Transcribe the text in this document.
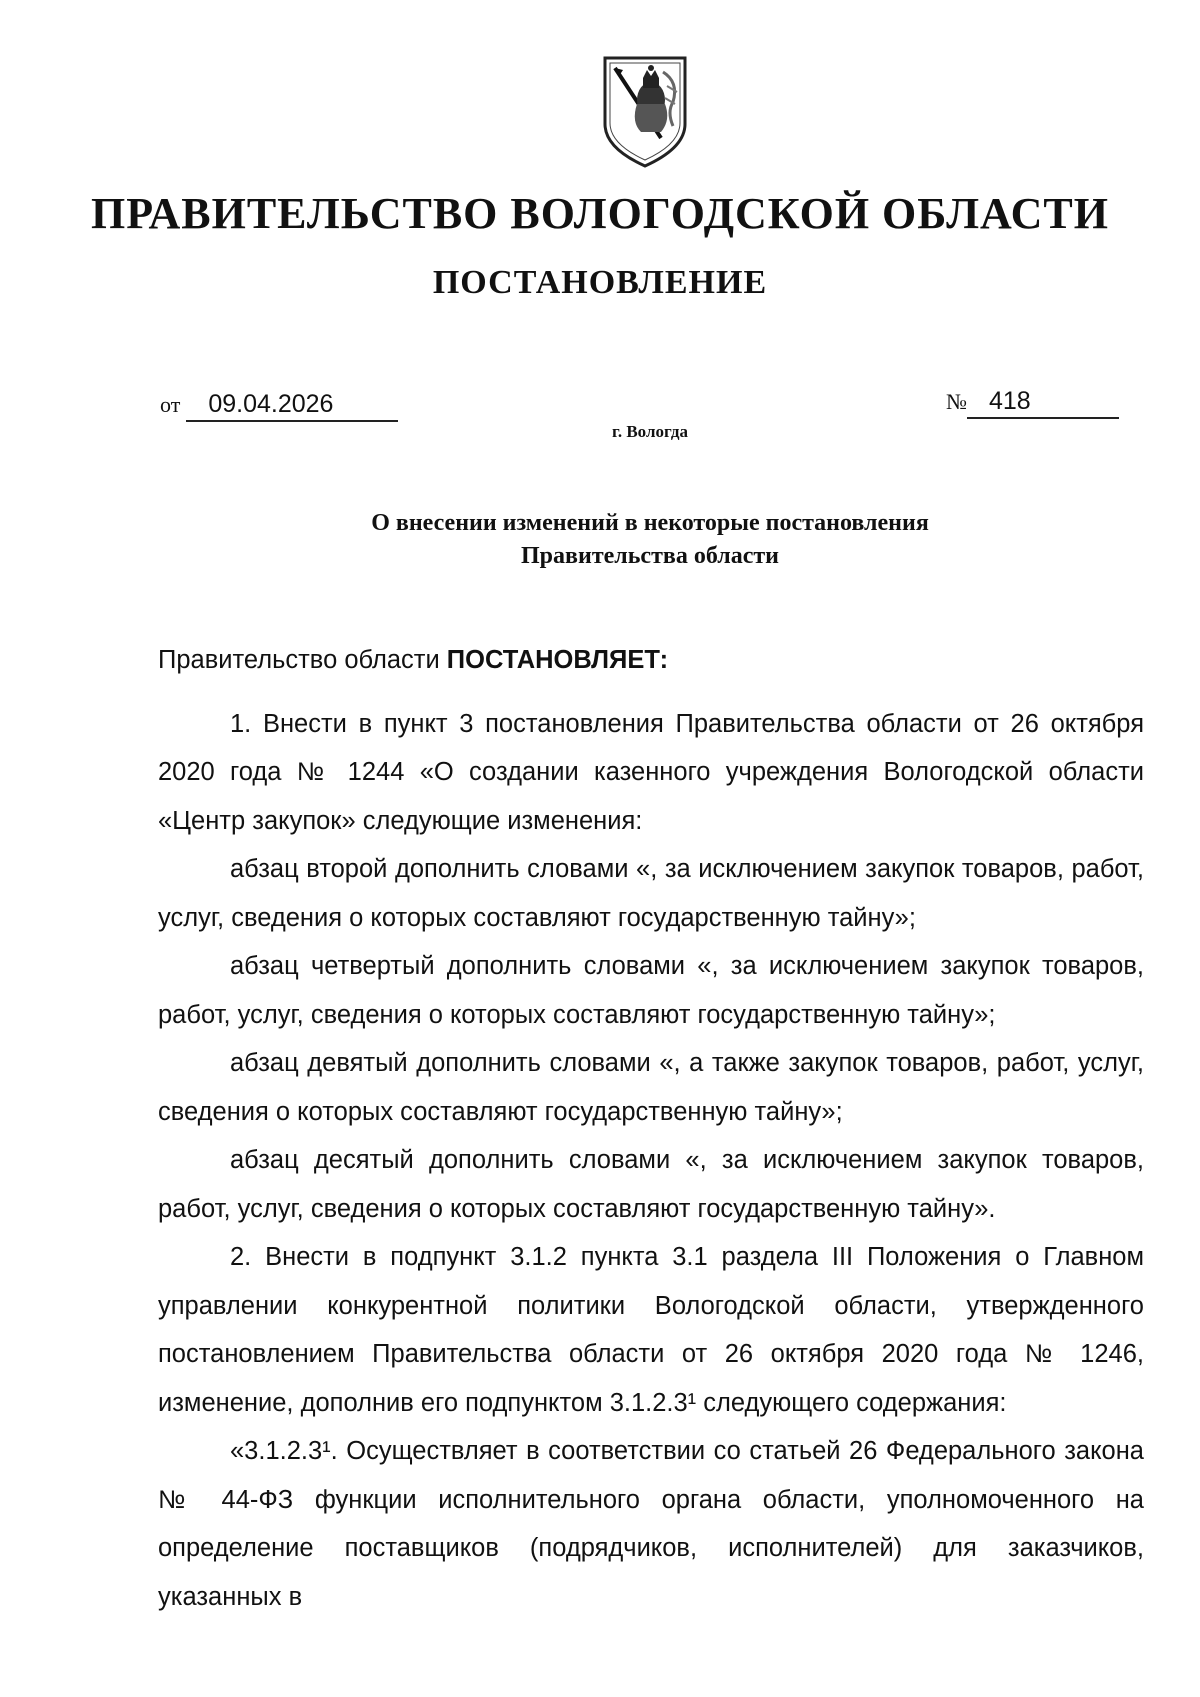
ПРАВИТЕЛЬСТВО ВОЛОГОДСКОЙ ОБЛАСТИ
ПОСТАНОВЛЕНИЕ
от 09.04.2026	№ 418
г. Вологда
О внесении изменений в некоторые постановления
Правительства области

Правительство области ПОСТАНОВЛЯЕТ:

1. Внести в пункт 3 постановления Правительства области от 26 октября 2020 года № 1244 «О создании казенного учреждения Вологодской области «Центр закупок» следующие изменения:

абзац второй дополнить словами «, за исключением закупок товаров, работ, услуг, сведения о которых составляют государственную тайну»;

абзац четвертый дополнить словами «, за исключением закупок товаров, работ, услуг, сведения о которых составляют государственную тайну»;

абзац девятый дополнить словами «, а также закупок товаров, работ, услуг, сведения о которых составляют государственную тайну»;

абзац десятый дополнить словами «, за исключением закупок товаров, работ, услуг, сведения о которых составляют государственную тайну».

2. Внести в подпункт 3.1.2 пункта 3.1 раздела III Положения о Главном управлении конкурентной политики Вологодской области, утвержденного постановлением Правительства области от 26 октября 2020 года № 1246, изменение, дополнив его подпунктом 3.1.2.3¹ следующего содержания:

«3.1.2.3¹. Осуществляет в соответствии со статьей 26 Федерального закона № 44-ФЗ функции исполнительного органа области, уполномоченного на определение поставщиков (подрядчиков, исполнителей) для заказчиков, указанных в
